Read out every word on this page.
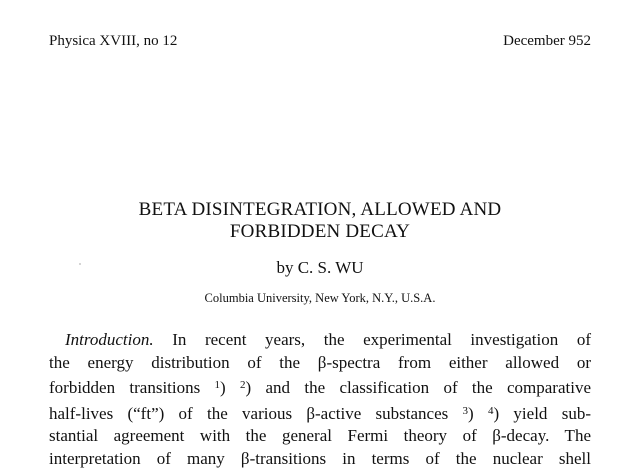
Physica XVIII, no 12	December 952
BETA DISINTEGRATION, ALLOWED AND
FORBIDDEN DECAY
by C. S. WU
Columbia University, New York, N.Y., U.S.A.
Introduction. In recent years, the experimental investigation of
the energy distribution of the β-spectra from either allowed or
forbidden transitions $^1$) $^2$) and the classification of the comparative
half-lives (“ft”) of the various β-active substances $^3$) $^4$) yield sub-
stantial agreement with the general Fermi theory of β-decay. The
interpretation of many β-transitions in terms of the nuclear shell
